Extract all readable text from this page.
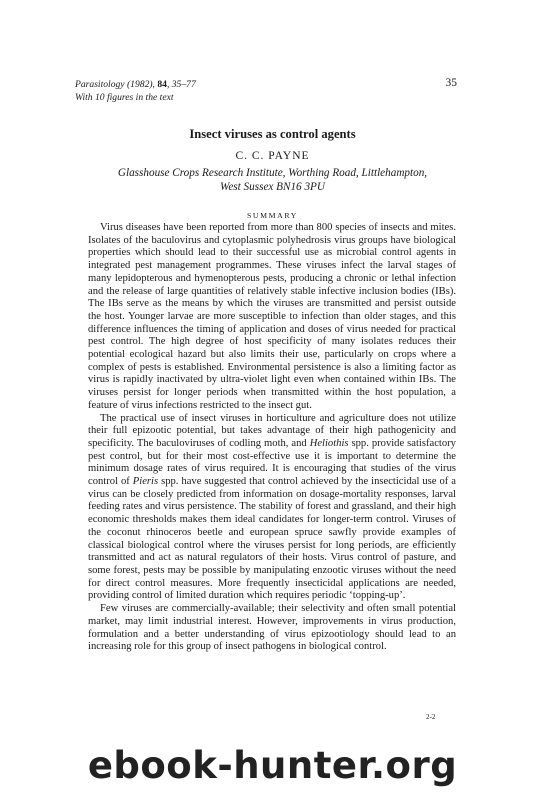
Parasitology (1982), 84, 35–77
With 10 figures in the text
35
Insect viruses as control agents
C. C. PAYNE
Glasshouse Crops Research Institute, Worthing Road, Littlehampton,
West Sussex BN16 3PU
SUMMARY

Virus diseases have been reported from more than 800 species of insects and mites. Isolates of the baculovirus and cytoplasmic polyhedrosis virus groups have biological properties which should lead to their successful use as microbial control agents in integrated pest management programmes. These viruses infect the larval stages of many lepidopterous and hymenopterous pests, producing a chronic or lethal infection and the release of large quantities of relatively stable infective inclusion bodies (IBs). The IBs serve as the means by which the viruses are transmitted and persist outside the host. Younger larvae are more susceptible to infection than older stages, and this difference influences the timing of application and doses of virus needed for practical pest control. The high degree of host specificity of many isolates reduces their potential ecological hazard but also limits their use, particularly on crops where a complex of pests is established. Environmental persistence is also a limiting factor as virus is rapidly inactivated by ultra-violet light even when contained within IBs. The viruses persist for longer periods when transmitted within the host population, a feature of virus infections restricted to the insect gut.

The practical use of insect viruses in horticulture and agriculture does not utilize their full epizootic potential, but takes advantage of their high pathogenicity and specificity. The baculoviruses of codling moth, and Heliothis spp. provide satisfactory pest control, but for their most cost-effective use it is important to determine the minimum dosage rates of virus required. It is encouraging that studies of the virus control of Pieris spp. have suggested that control achieved by the insecticidal use of a virus can be closely predicted from information on dosage-mortality responses, larval feeding rates and virus persistence. The stability of forest and grassland, and their high economic thresholds makes them ideal candidates for longer-term control. Viruses of the coconut rhinoceros beetle and european spruce sawfly provide examples of classical biological control where the viruses persist for long periods, are efficiently transmitted and act as natural regulators of their hosts. Virus control of pasture, and some forest, pests may be possible by manipulating enzootic viruses without the need for direct control measures. More frequently insecticidal applications are needed, providing control of limited duration which requires periodic ‘topping-up’.

Few viruses are commercially-available; their selectivity and often small potential market, may limit industrial interest. However, improvements in virus production, formulation and a better understanding of virus epizootiology should lead to an increasing role for this group of insect pathogens in biological control.

2-2
ebook-hunter.org
